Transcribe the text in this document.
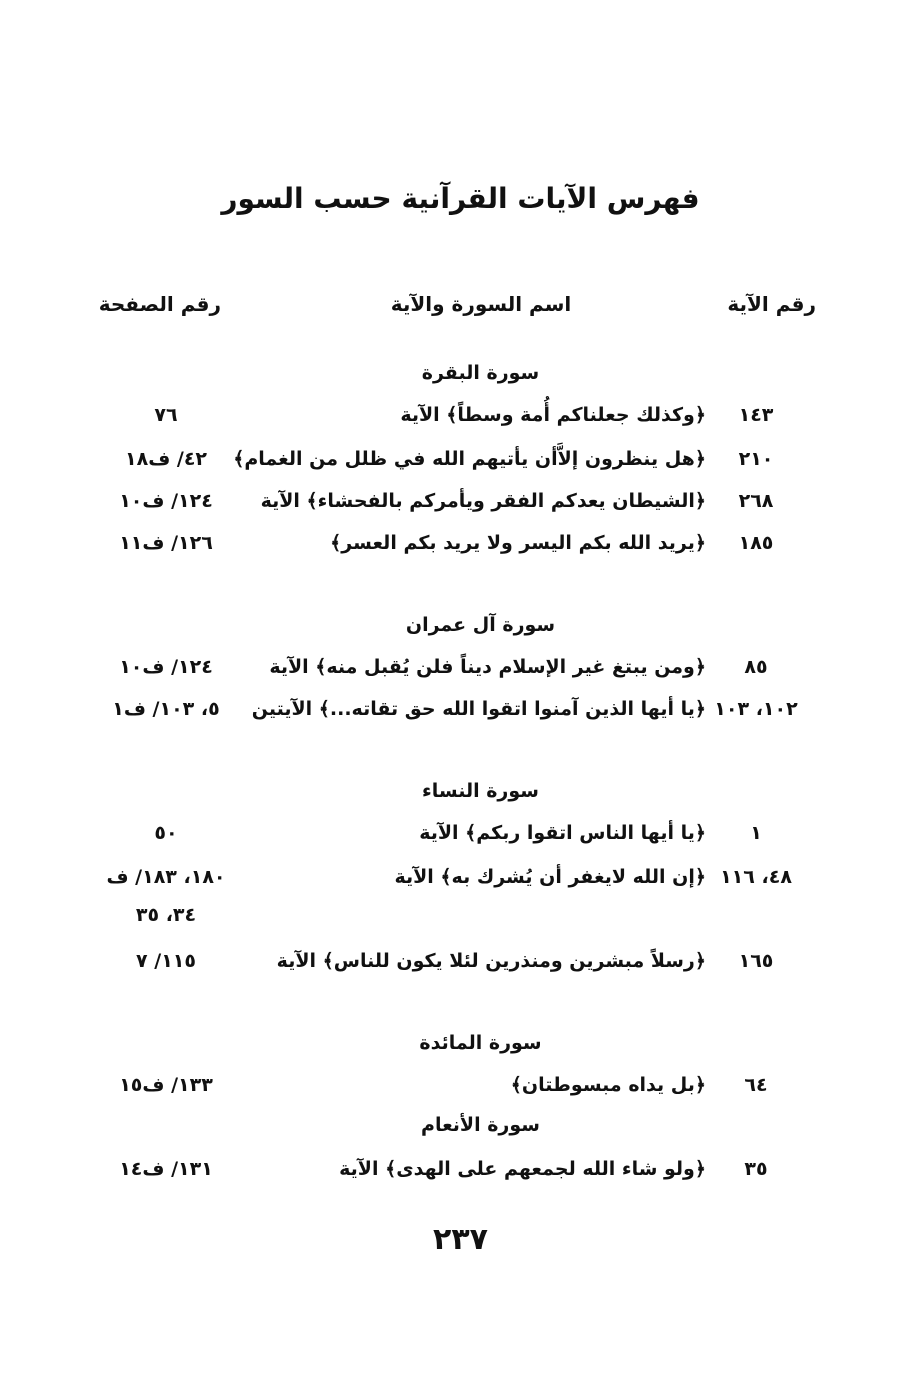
فهرس الآيات القرآنية حسب السور
رقم الآية
اسم السورة والآية
رقم الصفحة
سورة البقرة
١٤٣
﴿وكذلك جعلناكم أُمة وسطاً﴾ الآية
٧٦
٢١٠
﴿هل ينظرون إلاَّأن يأتيهم الله في ظلل من الغمام﴾
٤٢/ ف١٨
٢٦٨
﴿الشيطان يعدكم الفقر ويأمركم بالفحشاء﴾ الآية
١٢٤/ ف١٠
١٨٥
﴿يريد الله بكم اليسر ولا يريد بكم العسر﴾
١٢٦/ ف١١
سورة آل عمران
٨٥
﴿ومن يبتغ غير الإسلام ديناً فلن يُقبل منه﴾ الآية
١٢٤/ ف١٠
١٠٢، ١٠٣
﴿يا أيها الذين آمنوا اتقوا الله حق تقاته...﴾ الآيتين
٥، ١٠٣/ ف١
سورة النساء
١
﴿يا أيها الناس اتقوا ربكم﴾ الآية
٥٠
٤٨، ١١٦
﴿إن الله لايغفر أن يُشرك به﴾ الآية
١٨٠، ١٨٣/ ف
٣٤، ٣٥
١٦٥
﴿رسلاً مبشرين ومنذرين لئلا يكون للناس﴾ الآية
١١٥/ ٧
سورة المائدة
٦٤
﴿بل يداه مبسوطتان﴾
١٣٣/ ف١٥
سورة الأنعام
٣٥
﴿ولو شاء الله لجمعهم على الهدى﴾ الآية
١٣١/ ف١٤
٢٣٧
